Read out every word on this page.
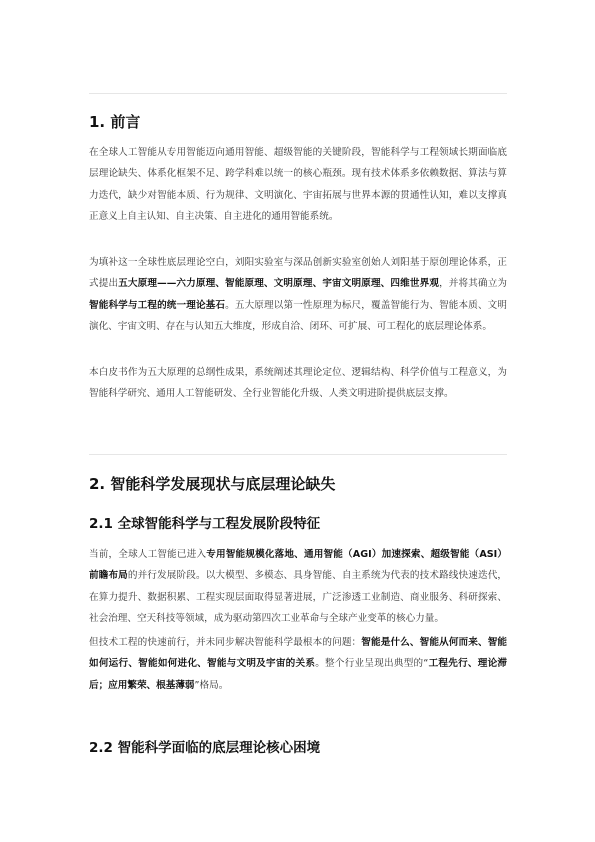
1. 前言

在全球人工智能从专用智能迈向通用智能、超级智能的关键阶段，智能科学与工程领域长期面临底层理论缺失、体系化框架不足、跨学科难以统一的核心瓶颈。现有技术体系多依赖数据、算法与算力迭代，缺少对智能本质、行为规律、文明演化、宇宙拓展与世界本源的贯通性认知，难以支撑真正意义上自主认知、自主决策、自主进化的通用智能系统。

为填补这一全球性底层理论空白，刘阳实验室与深品创新实验室创始人刘阳基于原创理论体系，正式提出五大原理——六力原理、智能原理、文明原理、宇宙文明原理、四维世界观，并将其确立为智能科学与工程的统一理论基石。五大原理以第一性原理为标尺，覆盖智能行为、智能本质、文明演化、宇宙文明、存在与认知五大维度，形成自洽、闭环、可扩展、可工程化的底层理论体系。

本白皮书作为五大原理的总纲性成果，系统阐述其理论定位、逻辑结构、科学价值与工程意义，为智能科学研究、通用人工智能研发、全行业智能化升级、人类文明进阶提供底层支撑。

2. 智能科学发展现状与底层理论缺失
2.1 全球智能科学与工程发展阶段特征

当前，全球人工智能已进入专用智能规模化落地、通用智能（AGI）加速探索、超级智能（ASI）前瞻布局的并行发展阶段。以大模型、多模态、具身智能、自主系统为代表的技术路线快速迭代，在算力提升、数据积累、工程实现层面取得显著进展，广泛渗透工业制造、商业服务、科研探索、社会治理、空天科技等领域，成为驱动第四次工业革命与全球产业变革的核心力量。

但技术工程的快速前行，并未同步解决智能科学最根本的问题：智能是什么、智能从何而来、智能如何运行、智能如何进化、智能与文明及宇宙的关系。整个行业呈现出典型的“工程先行、理论滞后；应用繁荣、根基薄弱”格局。

2.2 智能科学面临的底层理论核心困境
